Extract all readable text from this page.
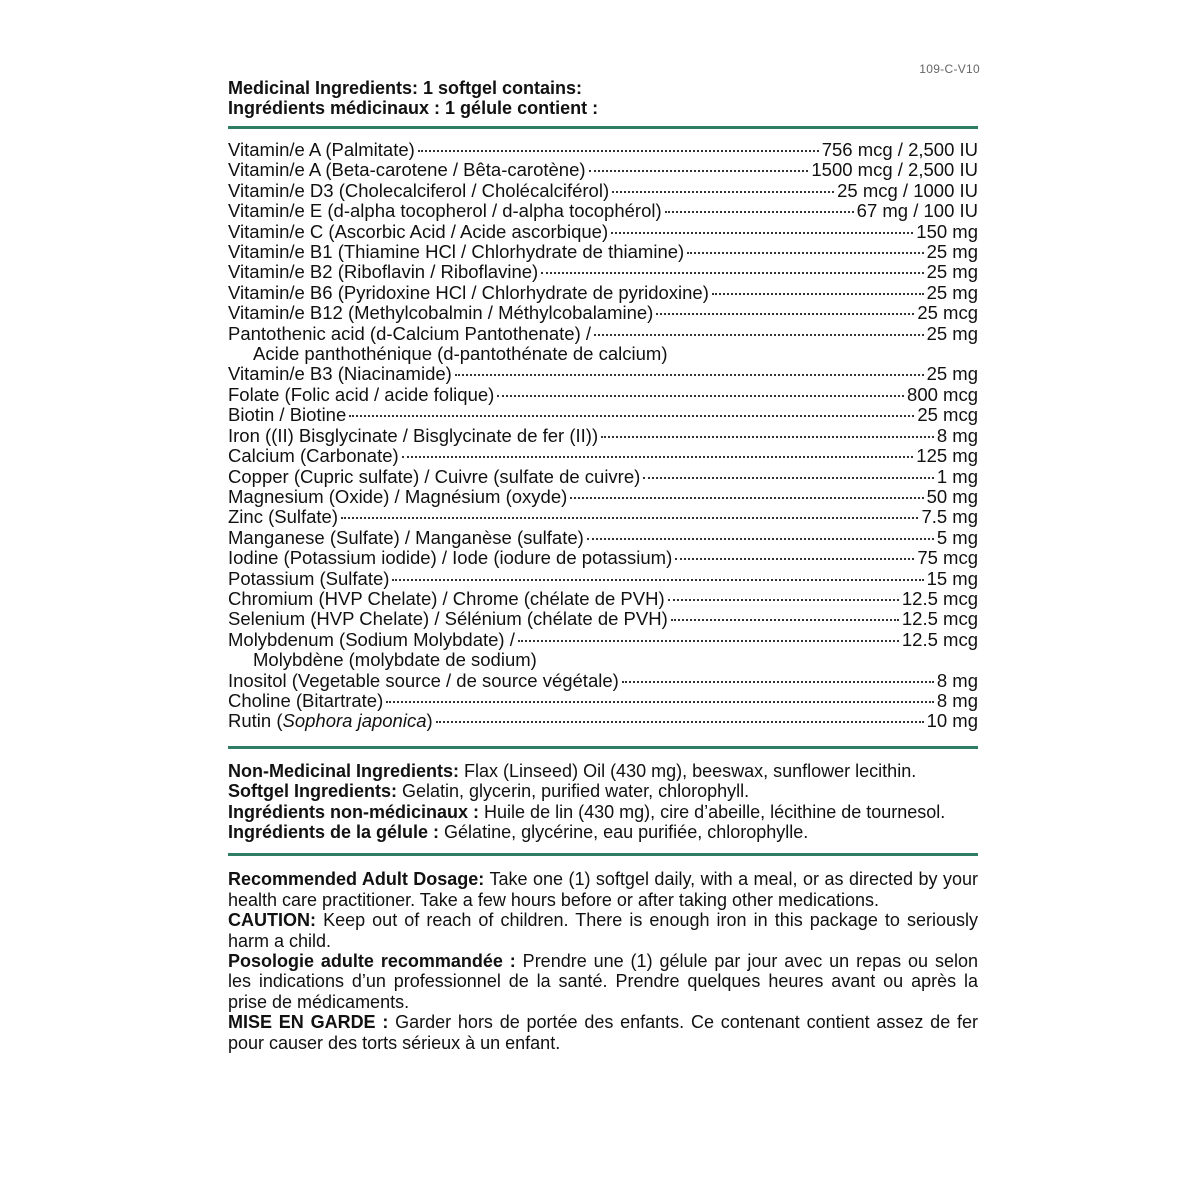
109-C-V10
Medicinal Ingredients: 1 softgel contains:
Ingrédients médicinaux : 1 gélule contient :
Vitamin/e A (Palmitate)	756 mcg / 2,500 IU
Vitamin/e A (Beta-carotene / Bêta-carotène)	1500 mcg / 2,500 IU
Vitamin/e D3 (Cholecalciferol / Cholécalciférol)	25 mcg / 1000 IU
Vitamin/e E (d-alpha tocopherol / d-alpha tocophérol)	67 mg / 100 IU
Vitamin/e C (Ascorbic Acid / Acide ascorbique)	150 mg
Vitamin/e B1 (Thiamine HCl / Chlorhydrate de thiamine)	25 mg
Vitamin/e B2 (Riboflavin / Riboflavine)	25 mg
Vitamin/e B6 (Pyridoxine HCl / Chlorhydrate de pyridoxine)	25 mg
Vitamin/e B12 (Methylcobalmin / Méthylcobalamine)	25 mcg
Pantothenic acid (d-Calcium Pantothenate) /	25 mg
Acide panthothénique (d-pantothénate de calcium)
Vitamin/e B3 (Niacinamide)	25 mg
Folate (Folic acid / acide folique)	800 mcg
Biotin / Biotine	25 mcg
Iron ((II) Bisglycinate / Bisglycinate de fer (II))	8 mg
Calcium (Carbonate)	125 mg
Copper (Cupric sulfate) / Cuivre (sulfate de cuivre)	1 mg
Magnesium (Oxide) / Magnésium (oxyde)	50 mg
Zinc (Sulfate)	7.5 mg
Manganese (Sulfate) / Manganèse (sulfate)	5 mg
Iodine (Potassium iodide) / Iode (iodure de potassium)	75 mcg
Potassium (Sulfate)	15 mg
Chromium (HVP Chelate) / Chrome (chélate de PVH)	12.5 mcg
Selenium (HVP Chelate) / Sélénium (chélate de PVH)	12.5 mcg
Molybdenum (Sodium Molybdate) /	12.5 mcg
Molybdène (molybdate de sodium)
Inositol (Vegetable source / de source végétale)	8 mg
Choline (Bitartrate)	8 mg
Rutin (Sophora japonica)	10 mg

Non-Medicinal Ingredients: Flax (Linseed) Oil (430 mg), beeswax, sunflower lecithin.

Softgel Ingredients: Gelatin, glycerin, purified water, chlorophyll.

Ingrédients non-médicinaux : Huile de lin (430 mg), cire d’abeille, lécithine de tournesol.

Ingrédients de la gélule : Gélatine, glycérine, eau purifiée, chlorophylle.

Recommended Adult Dosage: Take one (1) softgel daily, with a meal, or as directed by your health care practitioner. Take a few hours before or after taking other medications.

CAUTION: Keep out of reach of children. There is enough iron in this package to seriously harm a child.

Posologie adulte recommandée : Prendre une (1) gélule par jour avec un repas ou selon les indications d’un professionnel de la santé. Prendre quelques heures avant ou après la prise de médicaments.

MISE EN GARDE : Garder hors de portée des enfants. Ce contenant contient assez de fer pour causer des torts sérieux à un enfant.
